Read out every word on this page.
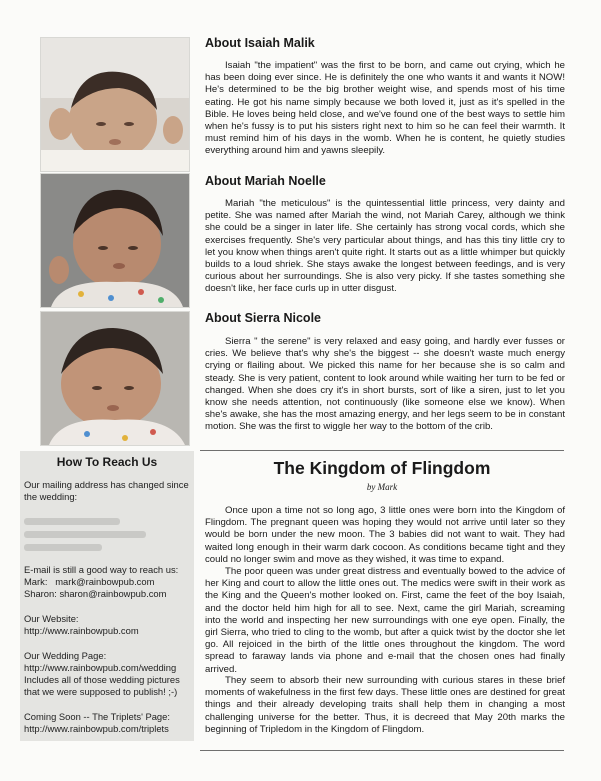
About Isaiah Malik

Isaiah "the impatient" was the first to be born, and came out crying, which he has been doing ever since. He is definitely the one who wants it and wants it NOW! He's determined to be the big brother weight wise, and spends most of his time eating. He got his name simply because we both loved it, just as it's spelled in the Bible. He loves being held close, and we've found one of the best ways to settle him when he's fussy is to put his sisters right next to him so he can feel their warmth. It must remind him of his days in the womb. When he is content, he quietly studies everything around him and yawns sleepily.

About Mariah Noelle

Mariah "the meticulous" is the quintessential little princess, very dainty and petite. She was named after Mariah the wind, not Mariah Carey, although we think she could be a singer in later life. She certainly has strong vocal cords, which she exercises frequently. She's very particular about things, and has this tiny little cry to let you know when things aren't quite right. It starts out as a little whimper but quickly builds to a loud shriek. She stays awake the longest between feedings, and is very curious about her surroundings. She is also very picky. If she tastes something she doesn't like, her face curls up in utter disgust.

About Sierra Nicole

Sierra " the serene" is very relaxed and easy going, and hardly ever fusses or cries. We believe that's why she's the biggest -- she doesn't waste much energy crying or flailing about. We picked this name for her because she is so calm and steady. She is very patient, content to look around while waiting her turn to be fed or changed. When she does cry it's in short bursts, sort of like a siren, just to let you know she needs attention, not continuously (like someone else we know). When she's awake, she has the most amazing energy, and her legs seem to be in constant motion. She was the first to wiggle her way to the bottom of the crib.

How To Reach Us

Our mailing address has changed since the wedding:

E-mail is still a good way to reach us:

Mark:   mark@rainbowpub.com

Sharon: sharon@rainbowpub.com

Our Website:

http://www.rainbowpub.com

Our Wedding Page:

http://www.rainbowpub.com/wedding

Includes all of those wedding pictures that we were supposed to publish! ;-)

Coming Soon -- The Triplets' Page:

http://www.rainbowpub.com/triplets

The Kingdom of Flingdom

by Mark

Once upon a time not so long ago, 3 little ones were born into the Kingdom of Flingdom. The pregnant queen was hoping they would not arrive until later so they would be born under the new moon. The 3 babies did not want to wait. They had waited long enough in their warm dark cocoon. As conditions became tight and they could no longer swim and move as they wished, it was time to expand.

The poor queen was under great distress and eventually bowed to the advice of her King and court to allow the little ones out. The medics were swift in their work as the King and the Queen's mother looked on. First, came the feet of the boy Isaiah, and the doctor held him high for all to see. Next, came the girl Mariah, screaming into the world and inspecting her new surroundings with one eye open. Finally, the girl Sierra, who tried to cling to the womb, but after a quick twist by the doctor she let go. All rejoiced in the birth of the little ones throughout the kingdom. The word spread to faraway lands via phone and e-mail that the chosen ones had finally arrived.

They seem to absorb their new surrounding with curious stares in these brief moments of wakefulness in the first few days. These little ones are destined for great things and their already developing traits shall help them in changing a most challenging universe for the better. Thus, it is decreed that May 20th marks the beginning of Tripledom in the Kingdom of Flingdom.
